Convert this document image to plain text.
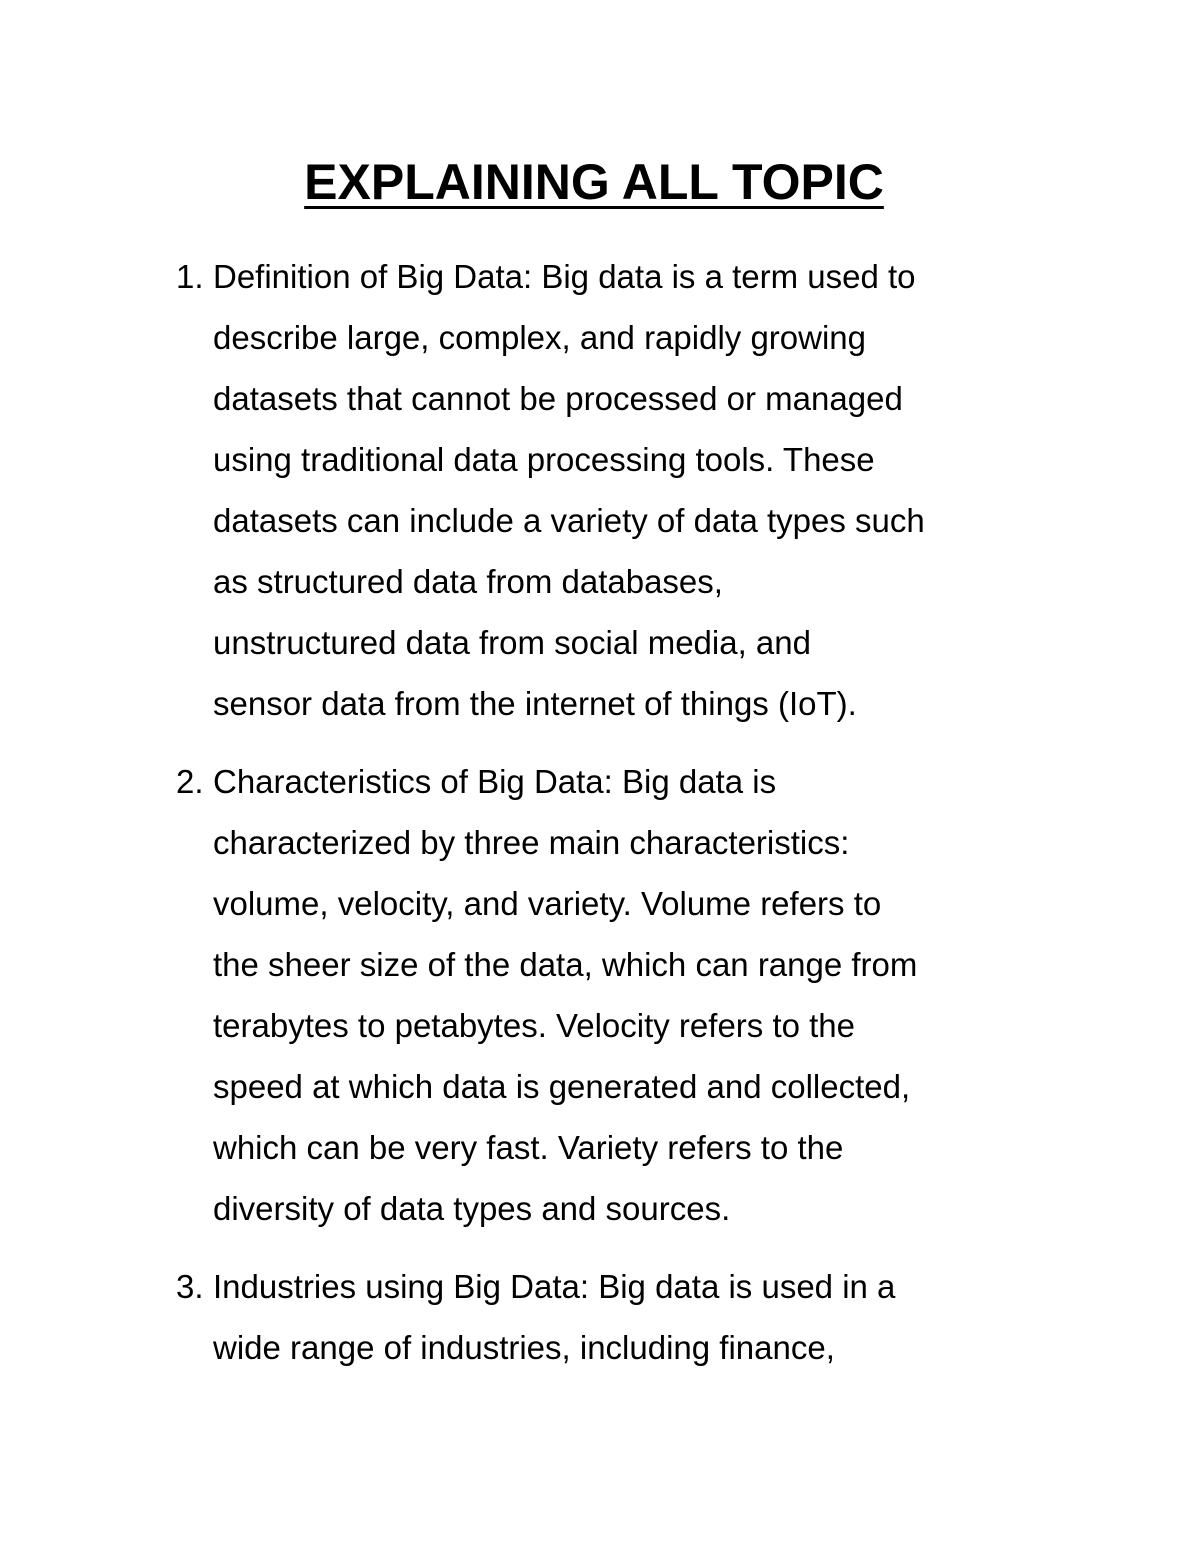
EXPLAINING ALL TOPIC
1. Definition of Big Data: Big data is a term used to
describe large, complex, and rapidly growing
datasets that cannot be processed or managed
using traditional data processing tools. These
datasets can include a variety of data types such
as structured data from databases,
unstructured data from social media, and
sensor data from the internet of things (IoT).
2. Characteristics of Big Data: Big data is
characterized by three main characteristics:
volume, velocity, and variety. Volume refers to
the sheer size of the data, which can range from
terabytes to petabytes. Velocity refers to the
speed at which data is generated and collected,
which can be very fast. Variety refers to the
diversity of data types and sources.
3. Industries using Big Data: Big data is used in a
wide range of industries, including finance,
